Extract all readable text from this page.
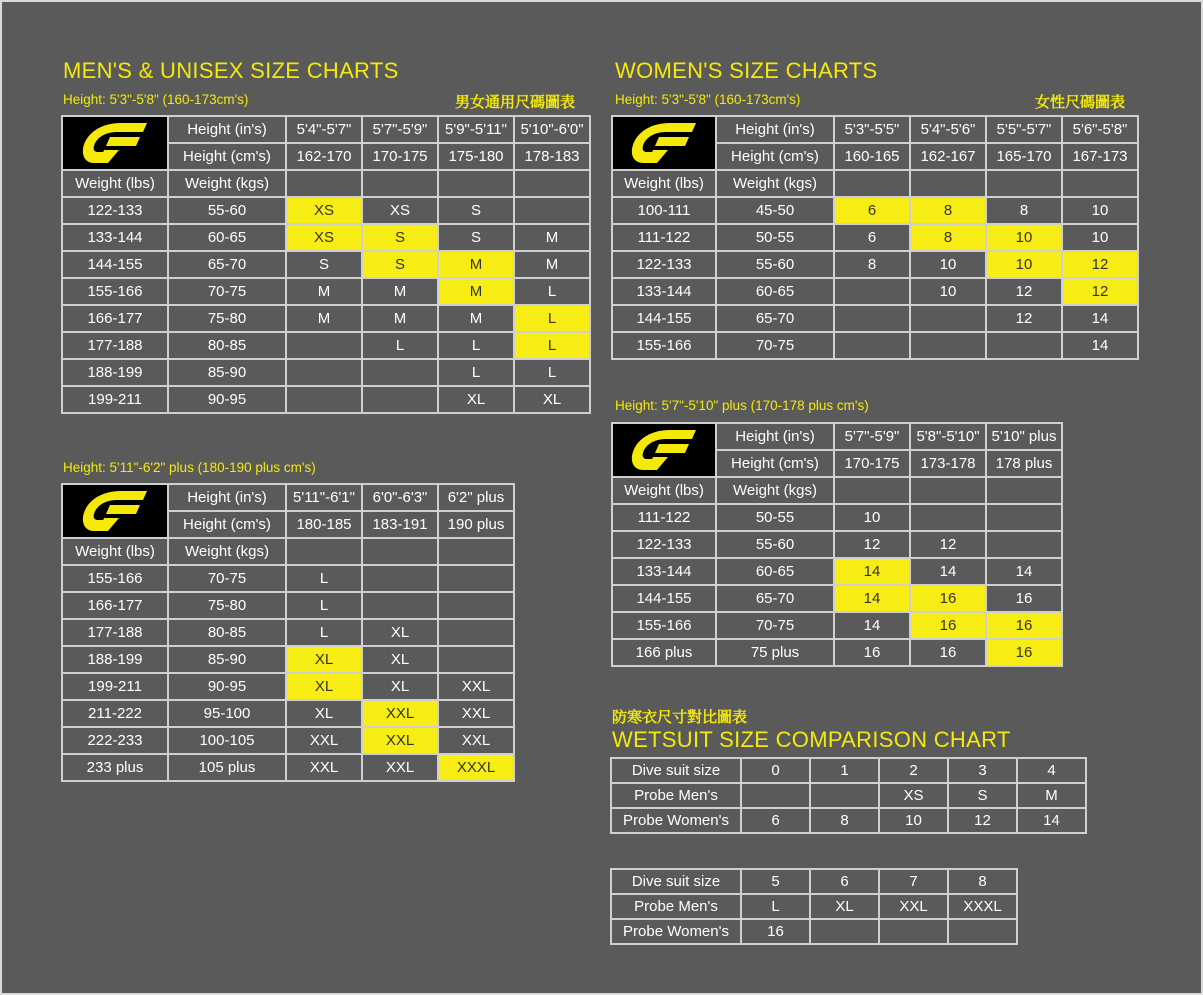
MEN'S & UNISEX SIZE CHARTS
Height: 5'3"-5'8" (160-173cm's)	男女通用尺碼圖表
	Height (in's)	5'4"-5'7"	5'7"-5'9"	5'9"-5'11"	5'10"-6'0"
	Height (cm's)	162-170	170-175	175-180	178-183
Weight (lbs)	Weight (kgs)				
122-133	55-60	XS	XS	S	
133-144	60-65	XS	S	S	M
144-155	65-70	S	S	M	M
155-166	70-75	M	M	M	L
166-177	75-80	M	M	M	L
177-188	80-85		L	L	L
188-199	85-90			L	L
199-211	90-95			XL	XL
Height: 5'11"-6'2" plus (180-190 plus cm's)
	Height (in's)	5'11"-6'1"	6'0"-6'3"	6'2" plus
	Height (cm's)	180-185	183-191	190 plus
Weight (lbs)	Weight (kgs)			
155-166	70-75	L		
166-177	75-80	L		
177-188	80-85	L	XL	
188-199	85-90	XL	XL	
199-211	90-95	XL	XL	XXL
211-222	95-100	XL	XXL	XXL
222-233	100-105	XXL	XXL	XXL
233 plus	105 plus	XXL	XXL	XXXL
WOMEN'S SIZE CHARTS
Height: 5'3"-5'8" (160-173cm's)	女性尺碼圖表
	Height (in's)	5'3"-5'5"	5'4"-5'6"	5'5"-5'7"	5'6"-5'8"
	Height (cm's)	160-165	162-167	165-170	167-173
Weight (lbs)	Weight (kgs)				
100-111	45-50	6	8	8	10
111-122	50-55	6	8	10	10
122-133	55-60	8	10	10	12
133-144	60-65		10	12	12
144-155	65-70			12	14
155-166	70-75				14
Height: 5'7"-5'10" plus (170-178 plus cm's)
	Height (in's)	5'7"-5'9"	5'8"-5'10"	5'10" plus
	Height (cm's)	170-175	173-178	178 plus
Weight (lbs)	Weight (kgs)			
111-122	50-55	10		
122-133	55-60	12	12	
133-144	60-65	14	14	14
144-155	65-70	14	16	16
155-166	70-75	14	16	16
166 plus	75 plus	16	16	16
防寒衣尺寸對比圖表
WETSUIT SIZE COMPARISON CHART
Dive suit size	0	1	2	3	4
Probe Men's			XS	S	M
Probe Women's	6	8	10	12	14
Dive suit size	5	6	7	8
Probe Men's	L	XL	XXL	XXXL
Probe Women's	16			
